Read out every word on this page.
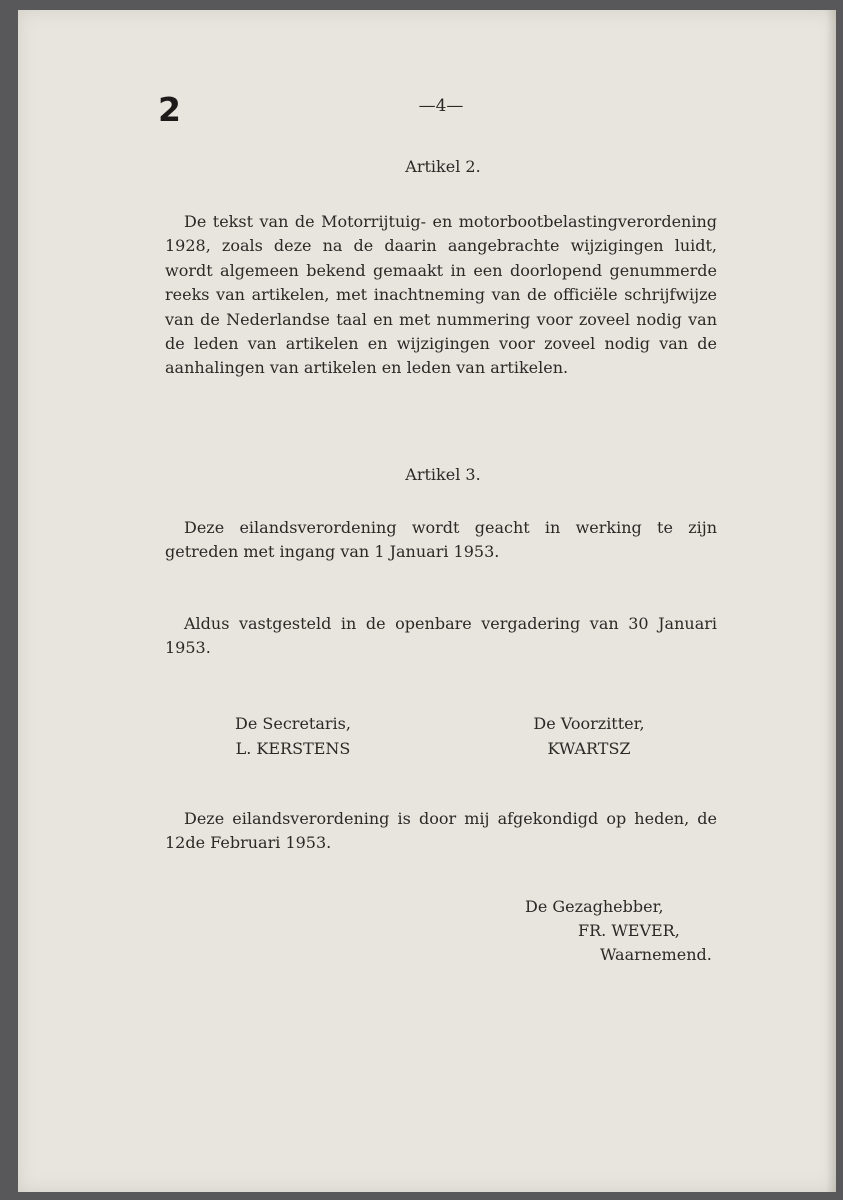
2	—4—
Artikel 2.
De tekst van de Motorrijtuig- en motorbootbelastingverordening 1928, zoals deze na de daarin aangebrachte wijzigingen luidt, wordt algemeen bekend gemaakt in een doorlopend genummerde reeks van artikelen, met inachtneming van de officiële schrijfwijze van de Nederlandse taal en met nummering voor zoveel nodig van de leden van artikelen en wijzigingen voor zoveel nodig van de aanhalingen van artikelen en leden van artikelen.
Artikel 3.
Deze eilandsverordening wordt geacht in werking te zijn getreden met ingang van 1 Januari 1953.
Aldus vastgesteld in de openbare vergadering van 30 Januari 1953.
De Secretaris,
L. KERSTENS
De Voorzitter,
KWARTSZ
Deze eilandsverordening is door mij afgekondigd op heden, de 12de Februari 1953.
De Gezaghebber,
FR. WEVER,
Waarnemend.
